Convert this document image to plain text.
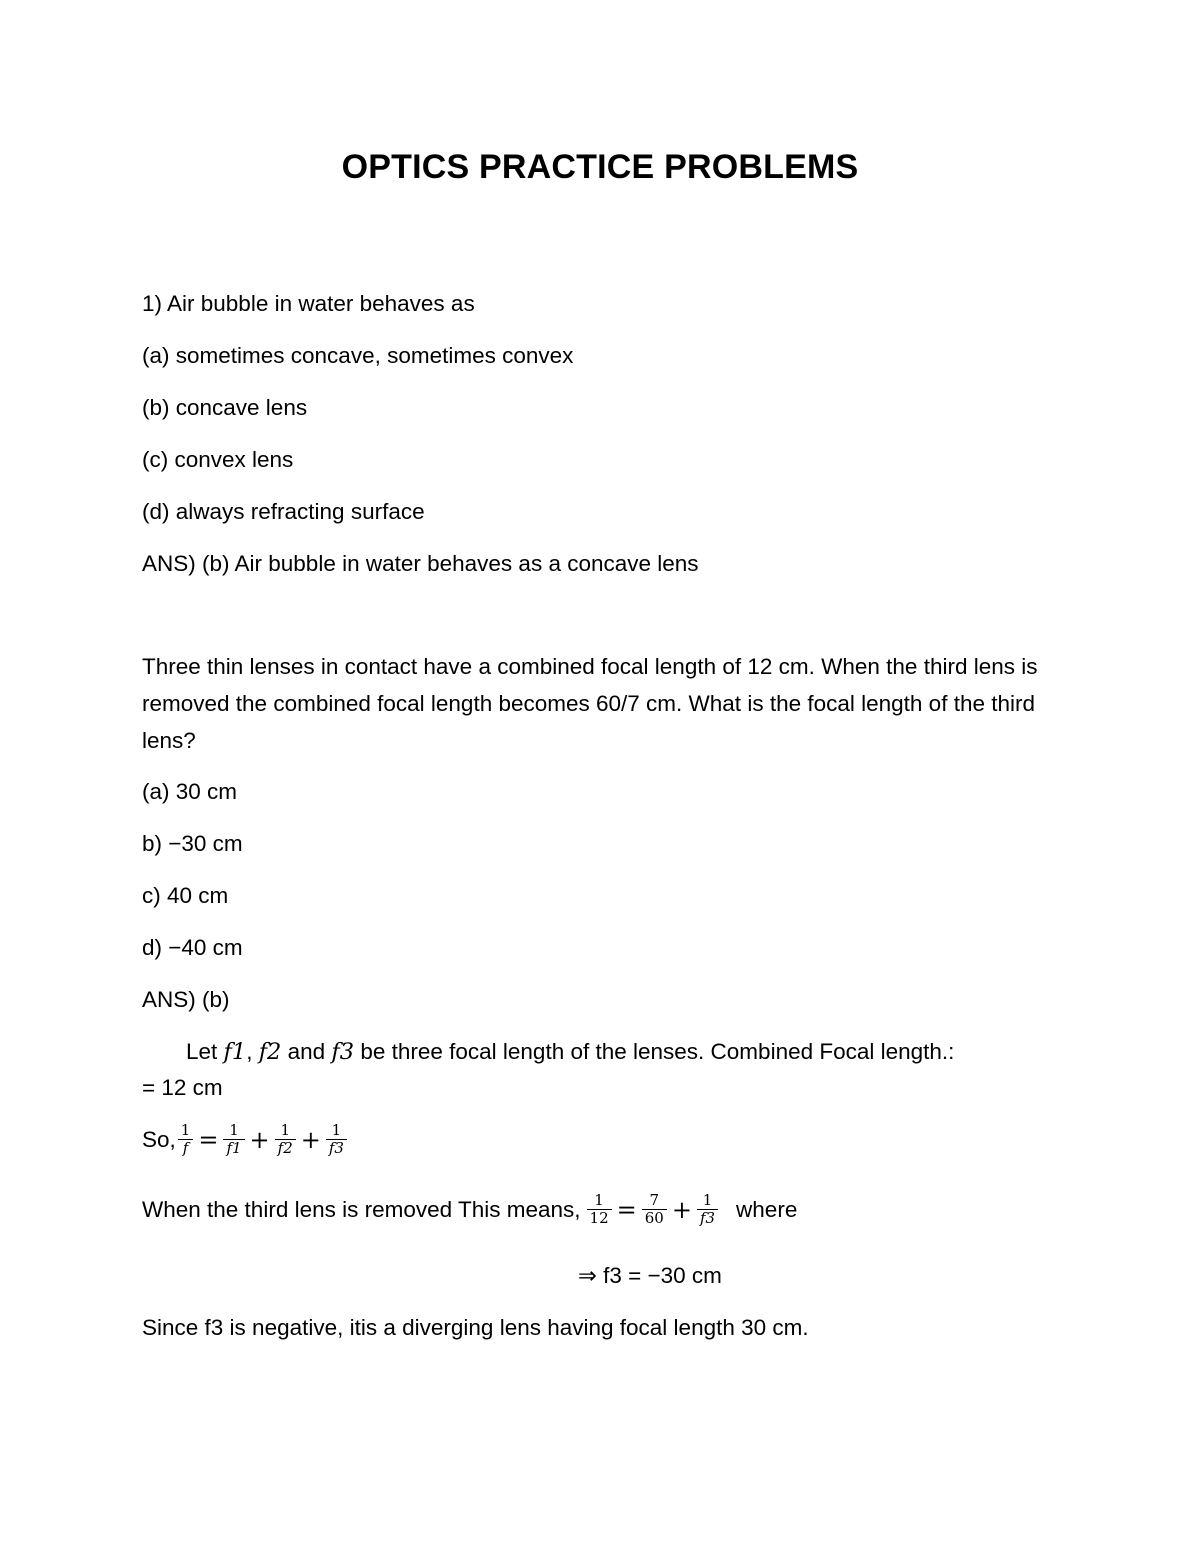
OPTICS PRACTICE PROBLEMS
1) Air bubble in water behaves as
(a) sometimes concave, sometimes convex
(b) concave lens
(c) convex lens
(d) always refracting surface
ANS) (b) Air bubble in water behaves as a concave lens
Three thin lenses in contact have a combined focal length of 12 cm. When the third lens is removed the combined focal length becomes 60/7 cm. What is the focal length of the third lens?
(a) 30 cm
b) −30 cm
c) 40 cm
d) −40 cm
ANS) (b)
Let 𝑓1, 𝑓2 and 𝑓3 be three focal length of the lenses. Combined Focal length.:
= 12 cm
So, $\frac{1}{\text{𝑓}} = \frac{1}{\text{𝑓1}} + \frac{1}{\text{𝑓2}} + \frac{1}{\text{𝑓3}}$
When the third lens is removed This means, $\frac{1}{12} = \frac{7}{60} + \frac{1}{\text{𝑓3}}$ where
⇒ f3 = −30 cm
Since f3 is negative, itis a diverging lens having focal length 30 cm.
